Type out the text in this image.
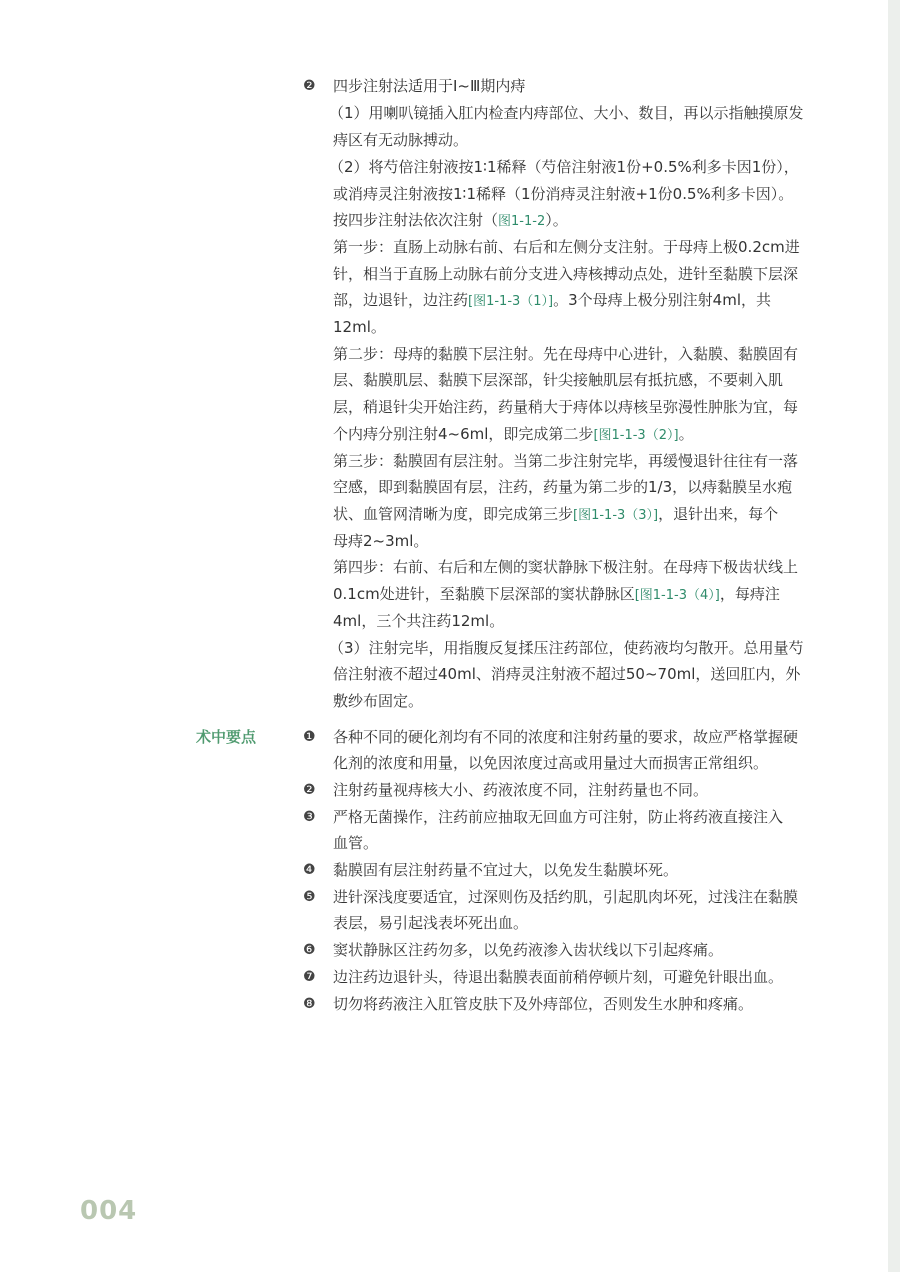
❷ 四步注射法适用于Ⅰ~Ⅲ期内痔
（1）用喇叭镜插入肛内检查内痔部位、大小、数目，再以示指触摸原发
痔区有无动脉搏动。
（2）将芍倍注射液按1∶1稀释（芍倍注射液1份+0.5%利多卡因1份），
或消痔灵注射液按1∶1稀释（1份消痔灵注射液+1份0.5%利多卡因）。
按四步注射法依次注射（图1-1-2）。
第一步：直肠上动脉右前、右后和左侧分支注射。于母痔上极0.2cm进
针，相当于直肠上动脉右前分支进入痔核搏动点处，进针至黏膜下层深
部，边退针，边注药[图1-1-3（1）]。3个母痔上极分别注射4ml，共
12ml。
第二步：母痔的黏膜下层注射。先在母痔中心进针，入黏膜、黏膜固有
层、黏膜肌层、黏膜下层深部，针尖接触肌层有抵抗感，不要刺入肌
层，稍退针尖开始注药，药量稍大于痔体以痔核呈弥漫性肿胀为宜，每
个内痔分别注射4~6ml，即完成第二步[图1-1-3（2）]。
第三步：黏膜固有层注射。当第二步注射完毕，再缓慢退针往往有一落
空感，即到黏膜固有层，注药，药量为第二步的1/3，以痔黏膜呈水疱
状、血管网清晰为度，即完成第三步[图1-1-3（3）]，退针出来，每个
母痔2~3ml。
第四步：右前、右后和左侧的窦状静脉下极注射。在母痔下极齿状线上
0.1cm处进针，至黏膜下层深部的窦状静脉区[图1-1-3（4）]，每痔注
4ml，三个共注药12ml。
（3）注射完毕，用指腹反复揉压注药部位，使药液均匀散开。总用量芍
倍注射液不超过40ml、消痔灵注射液不超过50~70ml，送回肛内，外
敷纱布固定。
术中要点	❶ 各种不同的硬化剂均有不同的浓度和注射药量的要求，故应严格掌握硬
化剂的浓度和用量，以免因浓度过高或用量过大而损害正常组织。
❷ 注射药量视痔核大小、药液浓度不同，注射药量也不同。
❸ 严格无菌操作，注药前应抽取无回血方可注射，防止将药液直接注入
血管。
❹ 黏膜固有层注射药量不宜过大，以免发生黏膜坏死。
❺ 进针深浅度要适宜，过深则伤及括约肌，引起肌肉坏死，过浅注在黏膜
表层，易引起浅表坏死出血。
❻ 窦状静脉区注药勿多，以免药液渗入齿状线以下引起疼痛。
❼ 边注药边退针头，待退出黏膜表面前稍停顿片刻，可避免针眼出血。
❽ 切勿将药液注入肛管皮肤下及外痔部位，否则发生水肿和疼痛。
004
